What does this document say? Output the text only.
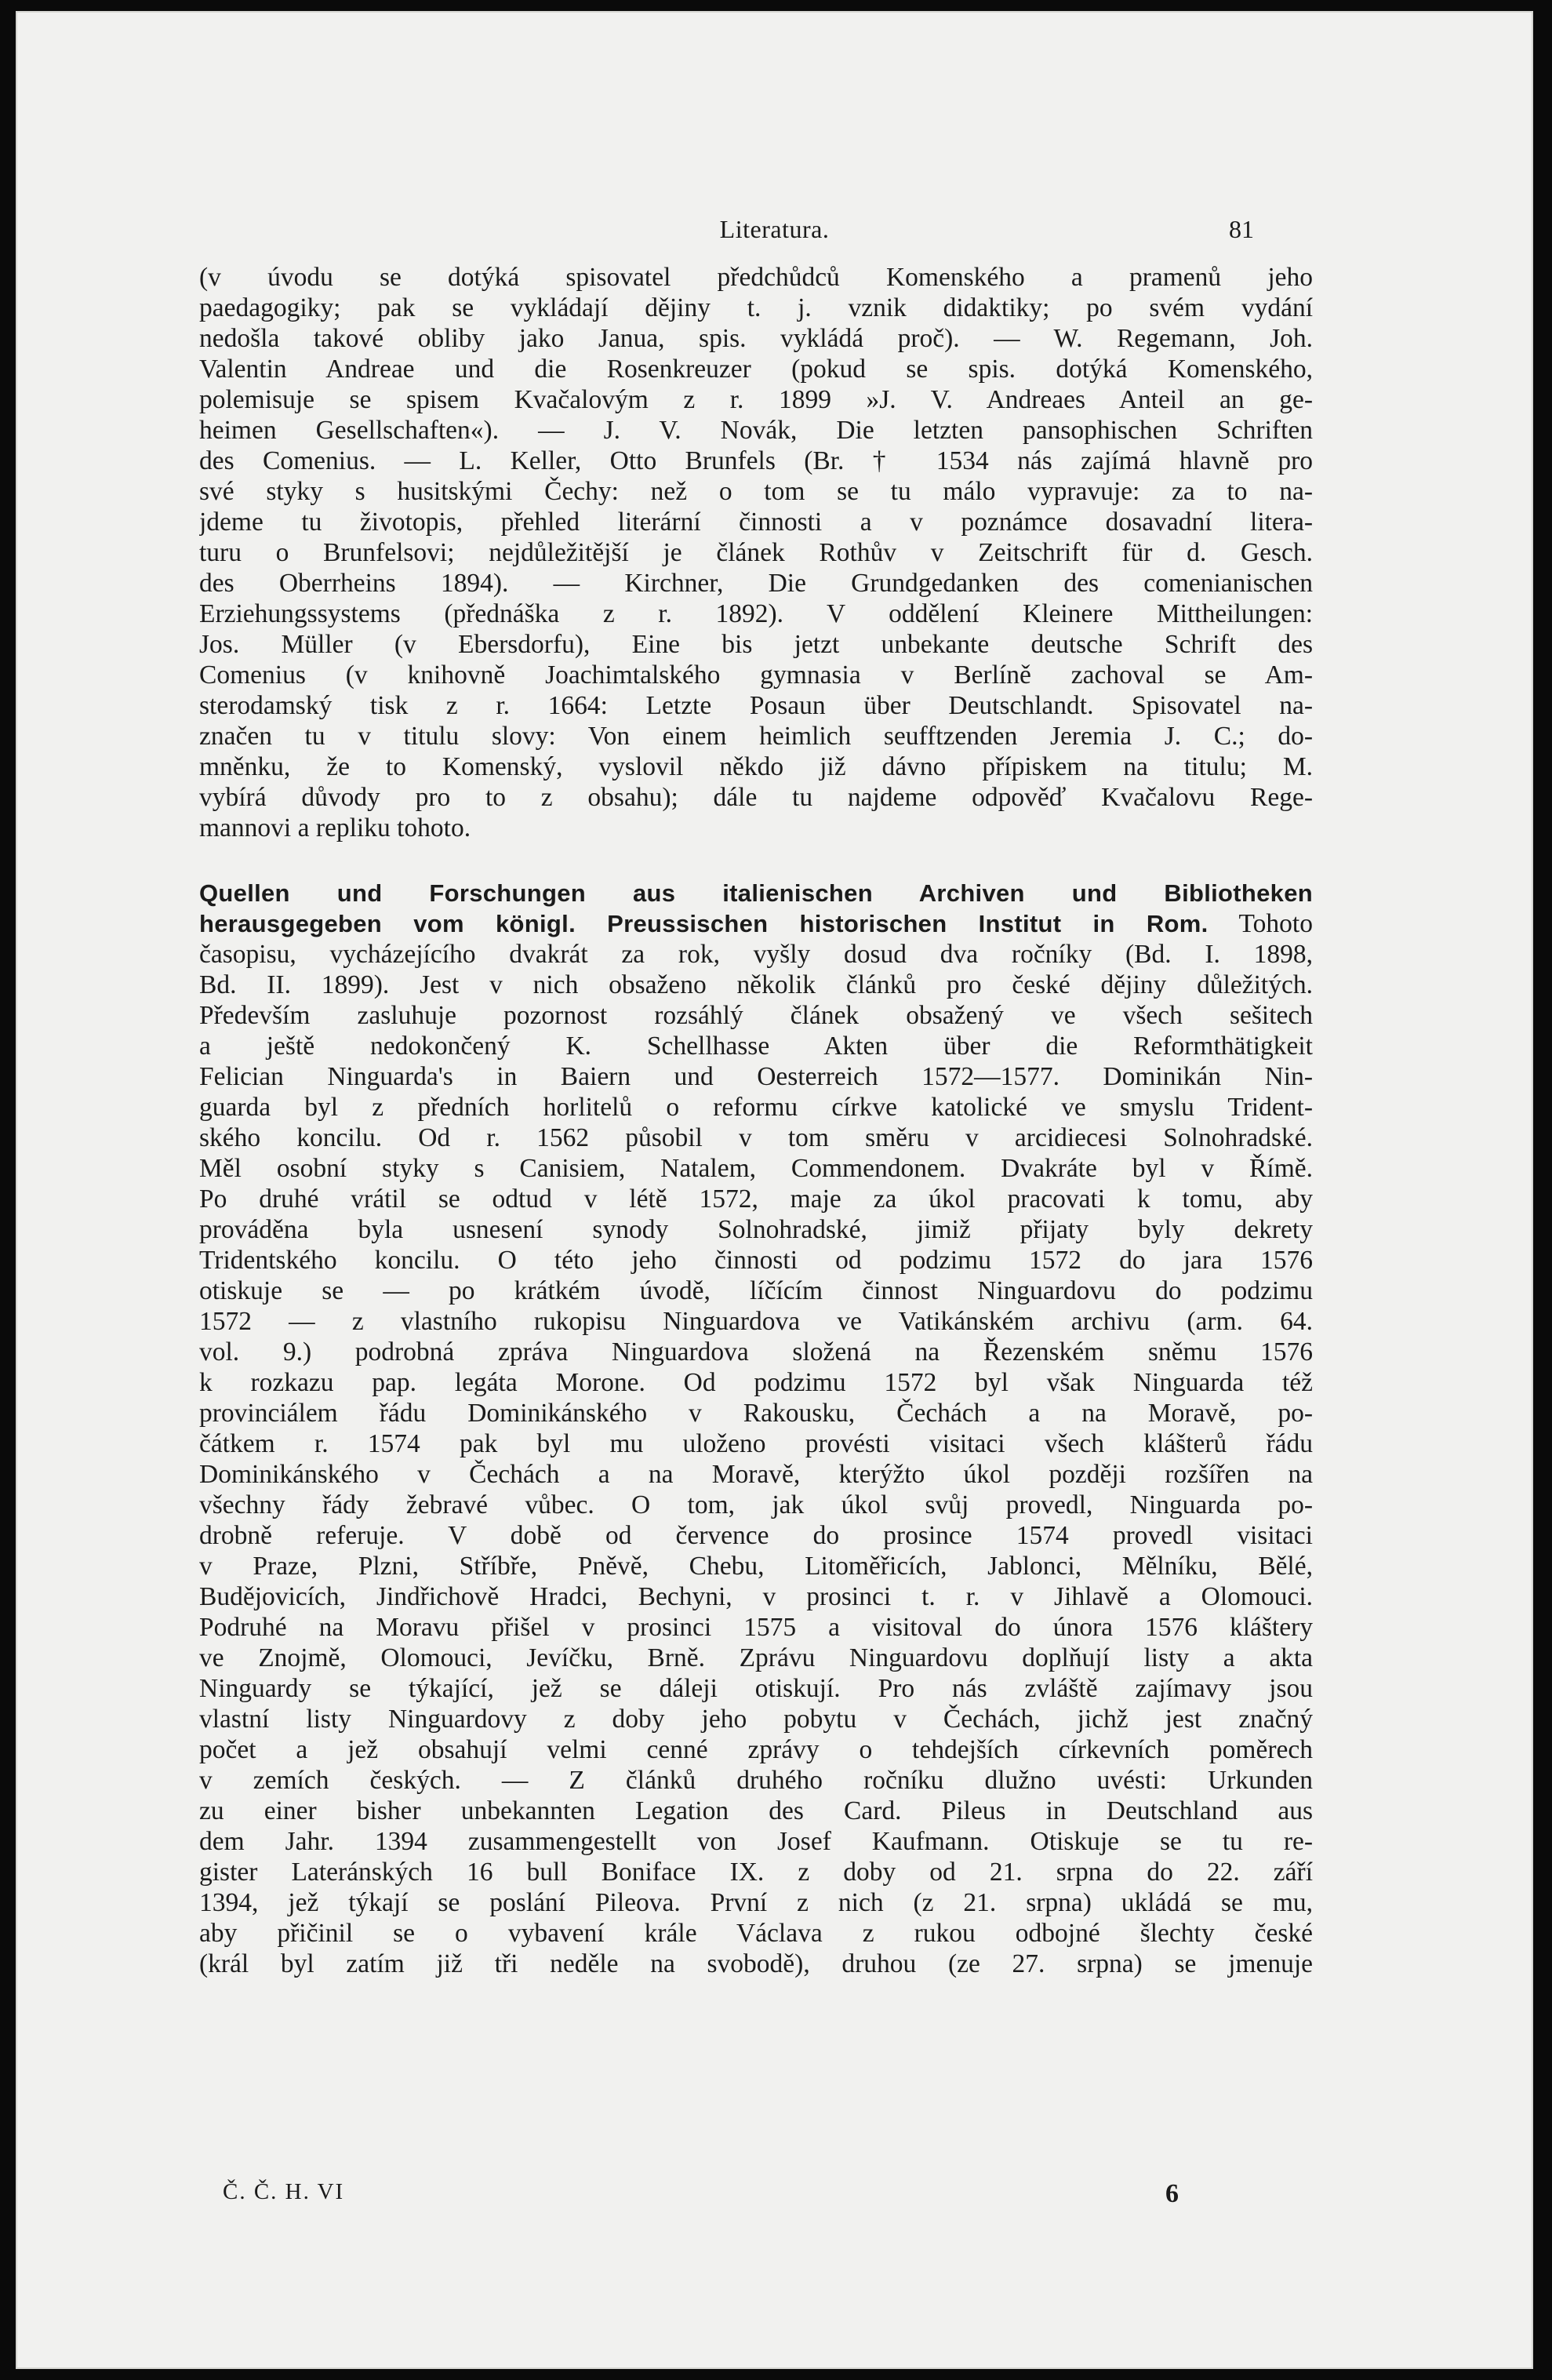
Literatura.	81
(v úvodu se dotýká spisovatel předchůdců Komenského a pramenů jeho
paedagogiky; pak se vykládají dějiny t. j. vznik didaktiky; po svém vydání
nedošla takové obliby jako Janua, spis. vykládá proč). — W. Regemann, Joh.
Valentin Andreae und die Rosenkreuzer (pokud se spis. dotýká Komenského,
polemisuje se spisem Kvačalovým z r. 1899 »J. V. Andreaes Anteil an ge-
heimen Gesellschaften«). — J. V. Novák, Die letzten pansophischen Schriften
des Comenius. — L. Keller, Otto Brunfels (Br. † 1534 nás zajímá hlavně pro
své styky s husitskými Čechy: než o tom se tu málo vypravuje: za to na-
jdeme tu životopis, přehled literární činnosti a v poznámce dosavadní litera-
turu o Brunfelsovi; nejdůležitější je článek Rothův v Zeitschrift für d. Gesch.
des Oberrheins 1894). — Kirchner, Die Grundgedanken des comenianischen
Erziehungssystems (přednáška z r. 1892). V oddělení Kleinere Mittheilungen:
Jos. Müller (v Ebersdorfu), Eine bis jetzt unbekante deutsche Schrift des
Comenius (v knihovně Joachimtalského gymnasia v Berlíně zachoval se Am-
sterodamský tisk z r. 1664: Letzte Posaun über Deutschlandt. Spisovatel na-
značen tu v titulu slovy: Von einem heimlich seufftzenden Jeremia J. C.; do-
mněnku, že to Komenský, vyslovil někdo již dávno přípiskem na titulu; M.
vybírá důvody pro to z obsahu); dále tu najdeme odpověď Kvačalovu Rege-
mannovi a repliku tohoto.
Quellen und Forschungen aus italienischen Archiven und Bibliotheken
herausgegeben vom königl. Preussischen historischen Institut in Rom. Tohoto
časopisu, vycházejícího dvakrát za rok, vyšly dosud dva ročníky (Bd. I. 1898,
Bd. II. 1899). Jest v nich obsaženo několik článků pro české dějiny důležitých.
Především zasluhuje pozornost rozsáhlý článek obsažený ve všech sešitech
a ještě nedokončený K. Schellhasse Akten über die Reformthätigkeit
Felician Ninguarda's in Baiern und Oesterreich 1572—1577. Dominikán Nin-
guarda byl z předních horlitelů o reformu církve katolické ve smyslu Trident-
ského koncilu. Od r. 1562 působil v tom směru v arcidiecesi Solnohradské.
Měl osobní styky s Canisiem, Natalem, Commendonem. Dvakráte byl v Římě.
Po druhé vrátil se odtud v létě 1572, maje za úkol pracovati k tomu, aby
prováděna byla usnesení synody Solnohradské, jimiž přijaty byly dekrety
Tridentského koncilu. O této jeho činnosti od podzimu 1572 do jara 1576
otiskuje se — po krátkém úvodě, líčícím činnost Ninguardovu do podzimu
1572 — z vlastního rukopisu Ninguardova ve Vatikánském archivu (arm. 64.
vol. 9.) podrobná zpráva Ninguardova složená na Řezenském sněmu 1576
k rozkazu pap. legáta Morone. Od podzimu 1572 byl však Ninguarda též
provinciálem řádu Dominikánského v Rakousku, Čechách a na Moravě, po-
čátkem r. 1574 pak byl mu uloženo provésti visitaci všech klášterů řádu
Dominikánského v Čechách a na Moravě, kterýžto úkol později rozšířen na
všechny řády žebravé vůbec. O tom, jak úkol svůj provedl, Ninguarda po-
drobně referuje. V době od července do prosince 1574 provedl visitaci
v Praze, Plzni, Stříbře, Pněvě, Chebu, Litoměřicích, Jablonci, Mělníku, Bělé,
Budějovicích, Jindřichově Hradci, Bechyni, v prosinci t. r. v Jihlavě a Olomouci.
Podruhé na Moravu přišel v prosinci 1575 a visitoval do února 1576 kláštery
ve Znojmě, Olomouci, Jevíčku, Brně. Zprávu Ninguardovu doplňují listy a akta
Ninguardy se týkající, jež se dáleji otiskují. Pro nás zvláště zajímavy jsou
vlastní listy Ninguardovy z doby jeho pobytu v Čechách, jichž jest značný
počet a jež obsahují velmi cenné zprávy o tehdejších církevních poměrech
v zemích českých. — Z článků druhého ročníku dlužno uvésti: Urkunden
zu einer bisher unbekannten Legation des Card. Pileus in Deutschland aus
dem Jahr. 1394 zusammengestellt von Josef Kaufmann. Otiskuje se tu re-
gister Lateránských 16 bull Boniface IX. z doby od 21. srpna do 22. září
1394, jež týkají se poslání Pileova. První z nich (z 21. srpna) ukládá se mu,
aby přičinil se o vybavení krále Václava z rukou odbojné šlechty české
(král byl zatím již tři neděle na svobodě), druhou (ze 27. srpna) se jmenuje
Č. Č. H. VI	6
